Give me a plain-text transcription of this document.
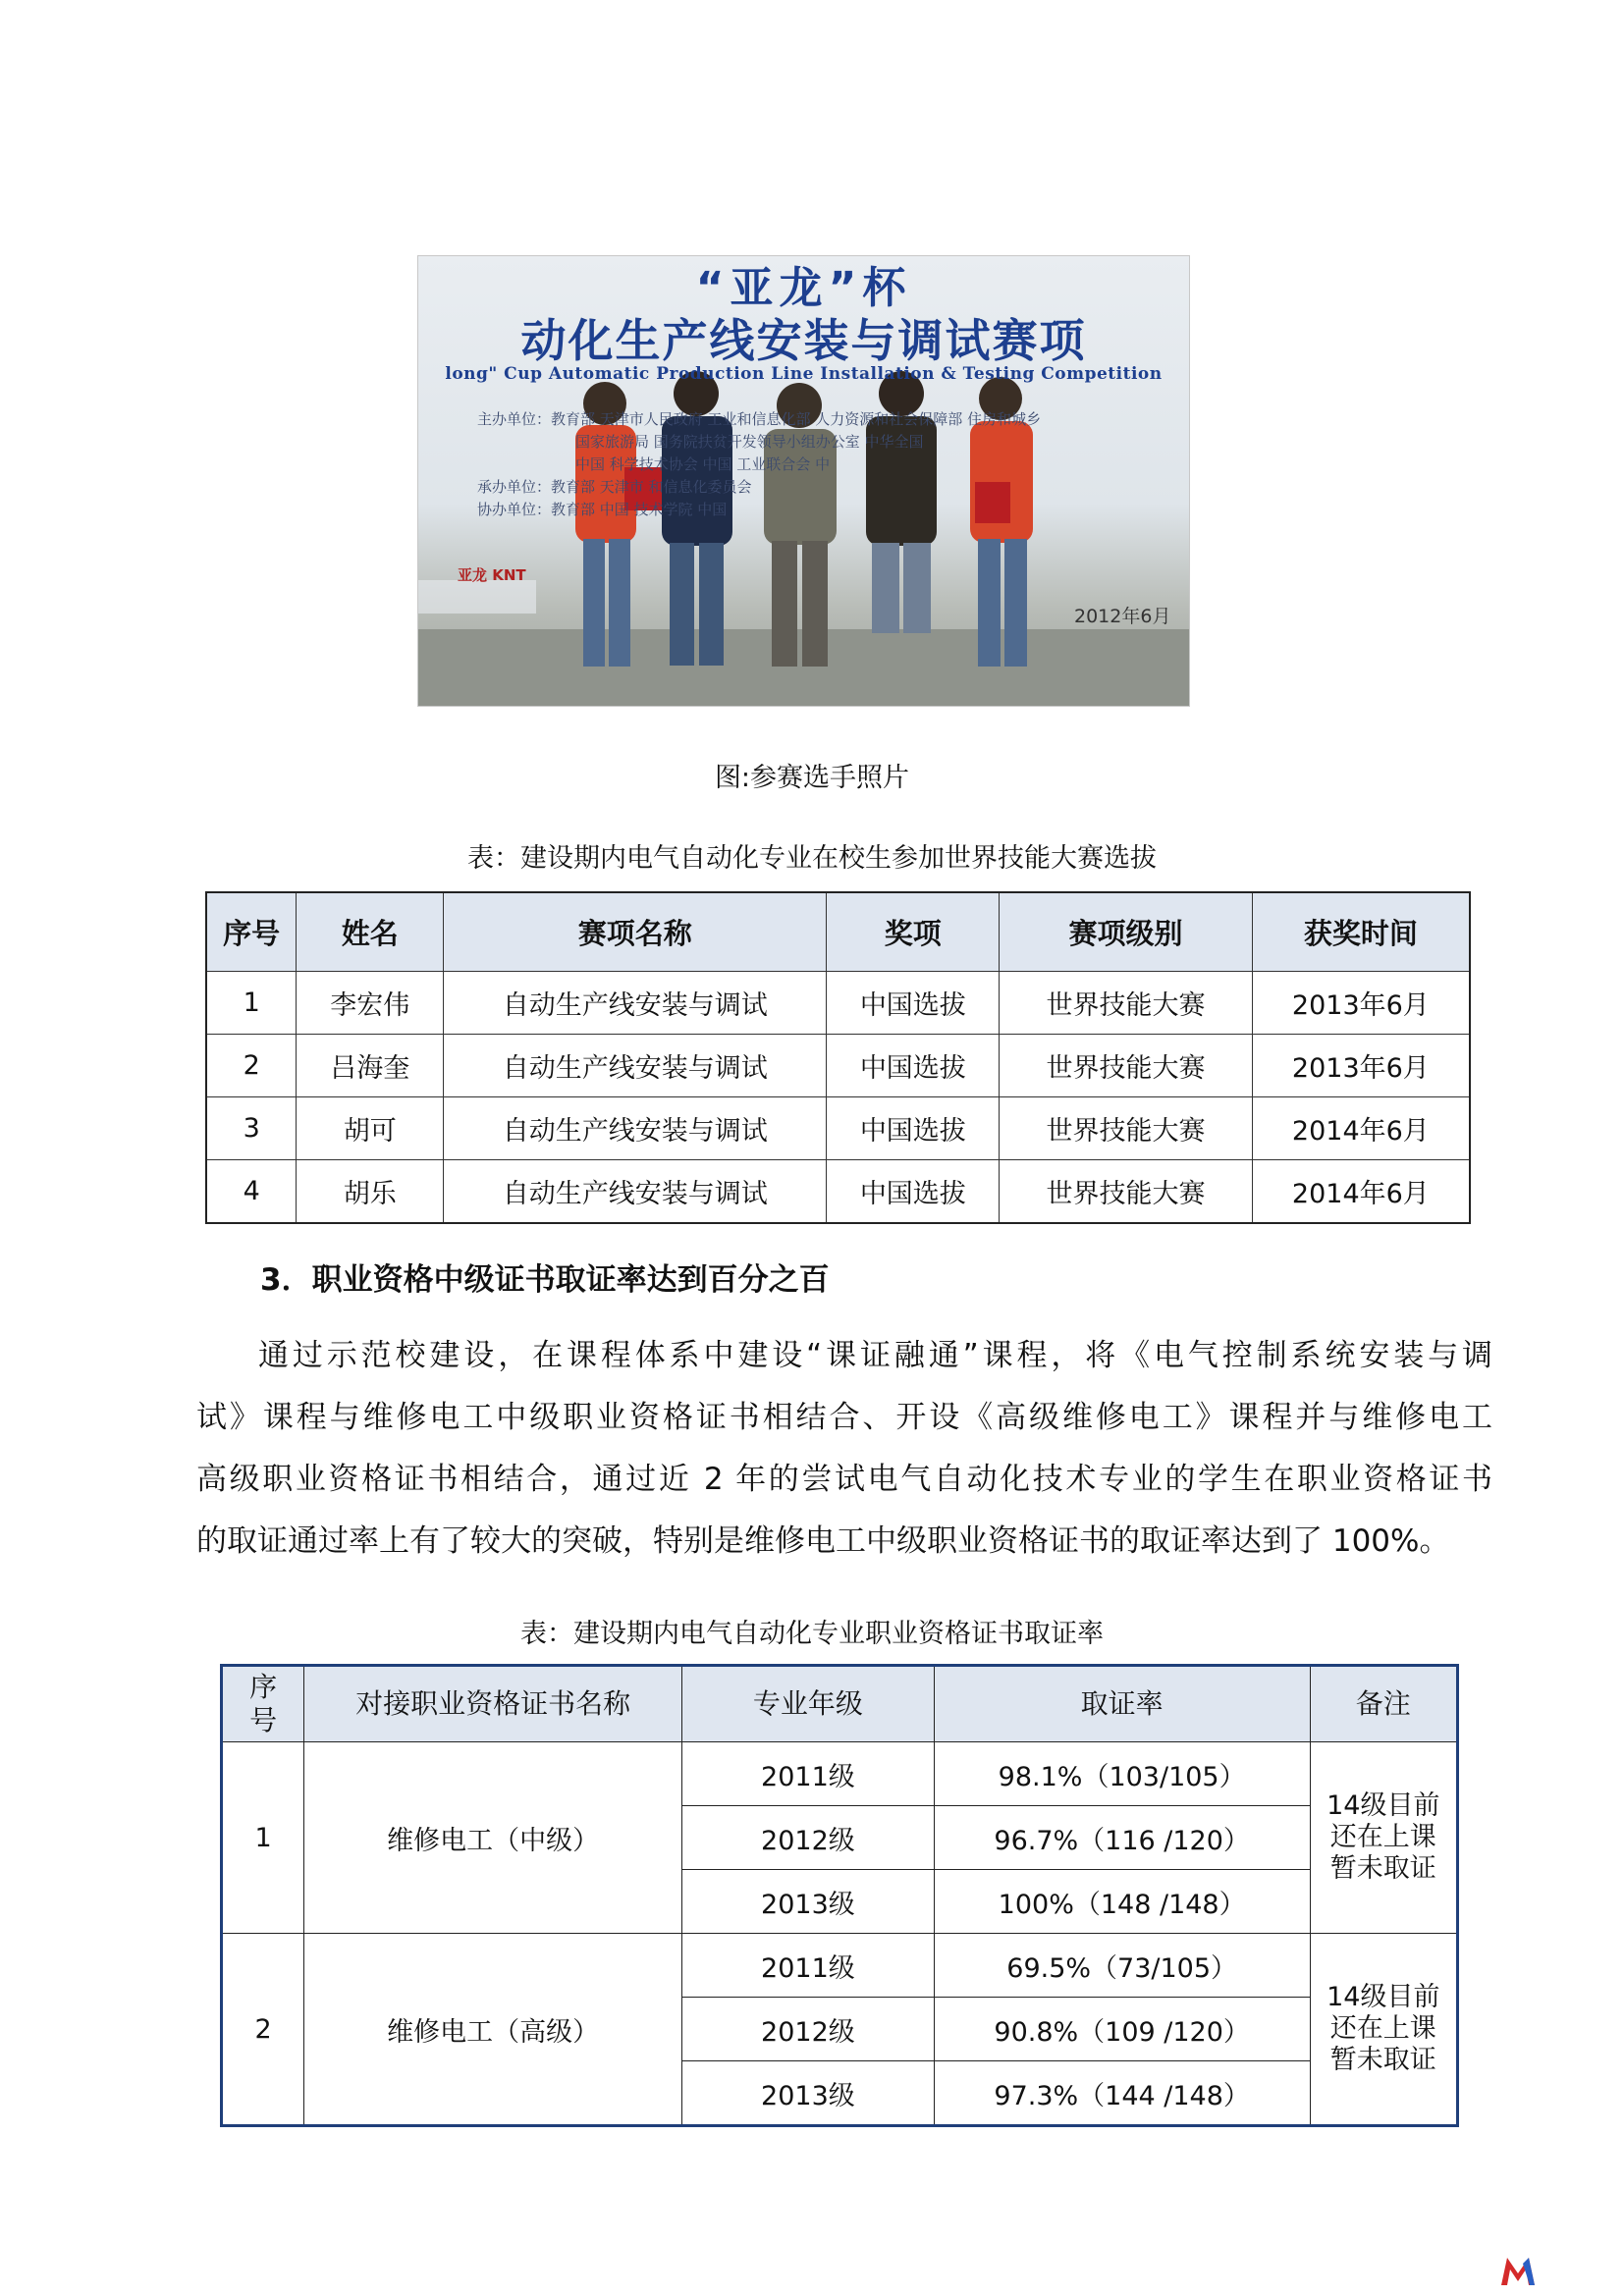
“亚龙”杯
动化生产线安装与调试赛项
long" Cup Automatic Production Line Installation & Testing Competition
主办单位：教育部 天津市人民政府 工业和信息化部 人力资源和社会保障部 住房和城乡
国家旅游局 国务院扶贫开发领导小组办公室 中华全国
中国 科学技术协会 中国 工业联合会 中
承办单位：教育部 天津市 和信息化委员会
协办单位：教育部 中国 技术学院 中国
亚龙 KNT
2012年6月
图:参赛选手照片
表：建设期内电气自动化专业在校生参加世界技能大赛选拔
序号	姓名	赛项名称	奖项	赛项级别	获奖时间
1	李宏伟	自动生产线安装与调试	中国选拔	世界技能大赛	2013年6月
2	吕海奎	自动生产线安装与调试	中国选拔	世界技能大赛	2013年6月
3	胡可	自动生产线安装与调试	中国选拔	世界技能大赛	2014年6月
4	胡乐	自动生产线安装与调试	中国选拔	世界技能大赛	2014年6月
3．职业资格中级证书取证率达到百分之百
通过示范校建设，在课程体系中建设“课证融通”课程，将《电气控制系统安装与调
试》课程与维修电工中级职业资格证书相结合、开设《高级维修电工》课程并与维修电工
高级职业资格证书相结合，通过近 2 年的尝试电气自动化技术专业的学生在职业资格证书
的取证通过率上有了较大的突破，特别是维修电工中级职业资格证书的取证率达到了 100%。
表：建设期内电气自动化专业职业资格证书取证率
序号	对接职业资格证书名称	专业年级	取证率	备注
1	维修电工（中级）	2011级	98.1%（103/105）	14级目前
还在上课
暂未取证

		2012级	96.7%（116 /120）	
		2013级	100%（148 /148）	
2	维修电工（高级）	2011级	69.5%（73/105）	14级目前
还在上课
暂未取证

		2012级	90.8%（109 /120）	
		2013级	97.3%（144 /148）	
